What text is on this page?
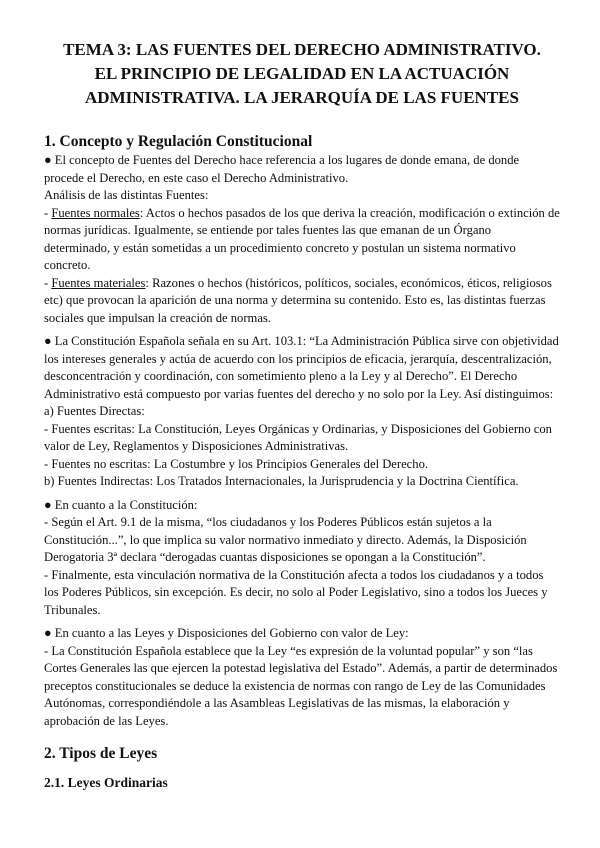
TEMA 3: LAS FUENTES DEL DERECHO ADMINISTRATIVO.
EL PRINCIPIO DE LEGALIDAD EN LA ACTUACIÓN
ADMINISTRATIVA. LA JERARQUÍA DE LAS FUENTES
1. Concepto y Regulación Constitucional

● El concepto de Fuentes del Derecho hace referencia a los lugares de donde emana, de donde procede el Derecho, en este caso el Derecho Administrativo.

Análisis de las distintas Fuentes:

- Fuentes normales: Actos o hechos pasados de los que deriva la creación, modificación o extinción de normas jurídicas. Igualmente, se entiende por tales fuentes las que emanan de un Órgano determinado, y están sometidas a un procedimiento concreto y postulan un sistema normativo concreto.

- Fuentes materiales: Razones o hechos (históricos, políticos, sociales, económicos, éticos, religiosos etc) que provocan la aparición de una norma y determina su contenido. Esto es, las distintas fuerzas sociales que impulsan la creación de normas.

● La Constitución Española señala en su Art. 103.1: “La Administración Pública sirve con objetividad los intereses generales y actúa de acuerdo con los principios de eficacia, jerarquía, descentralización, desconcentración y coordinación, con sometimiento pleno a la Ley y al Derecho”. El Derecho Administrativo está compuesto por varias fuentes del derecho y no solo por la Ley. Así distinguimos:

a) Fuentes Directas:

- Fuentes escritas: La Constitución, Leyes Orgánicas y Ordinarias, y Disposiciones del Gobierno con valor de Ley, Reglamentos y Disposiciones Administrativas.

- Fuentes no escritas: La Costumbre y los Principios Generales del Derecho.

b) Fuentes Indirectas: Los Tratados Internacionales, la Jurisprudencia y la Doctrina Científica.

● En cuanto a la Constitución:

- Según el Art. 9.1 de la misma, “los ciudadanos y los Poderes Públicos están sujetos a la Constitución...”, lo que implica su valor normativo inmediato y directo. Además, la Disposición Derogatoria 3ª declara “derogadas cuantas disposiciones se opongan a la Constitución”.

- Finalmente, esta vinculación normativa de la Constitución afecta a todos los ciudadanos y a todos los Poderes Públicos, sin excepción. Es decir, no solo al Poder Legislativo, sino a todos los Jueces y Tribunales.

● En cuanto a las Leyes y Disposiciones del Gobierno con valor de Ley:

- La Constitución Española establece que la Ley “es expresión de la voluntad popular” y son “las Cortes Generales las que ejercen la potestad legislativa del Estado”. Además, a partir de determinados preceptos constitucionales se deduce la existencia de normas con rango de Ley de las Comunidades Autónomas, correspondiéndole a las Asambleas Legislativas de las mismas, la elaboración y aprobación de las Leyes.

2. Tipos de Leyes
2.1. Leyes Ordinarias
